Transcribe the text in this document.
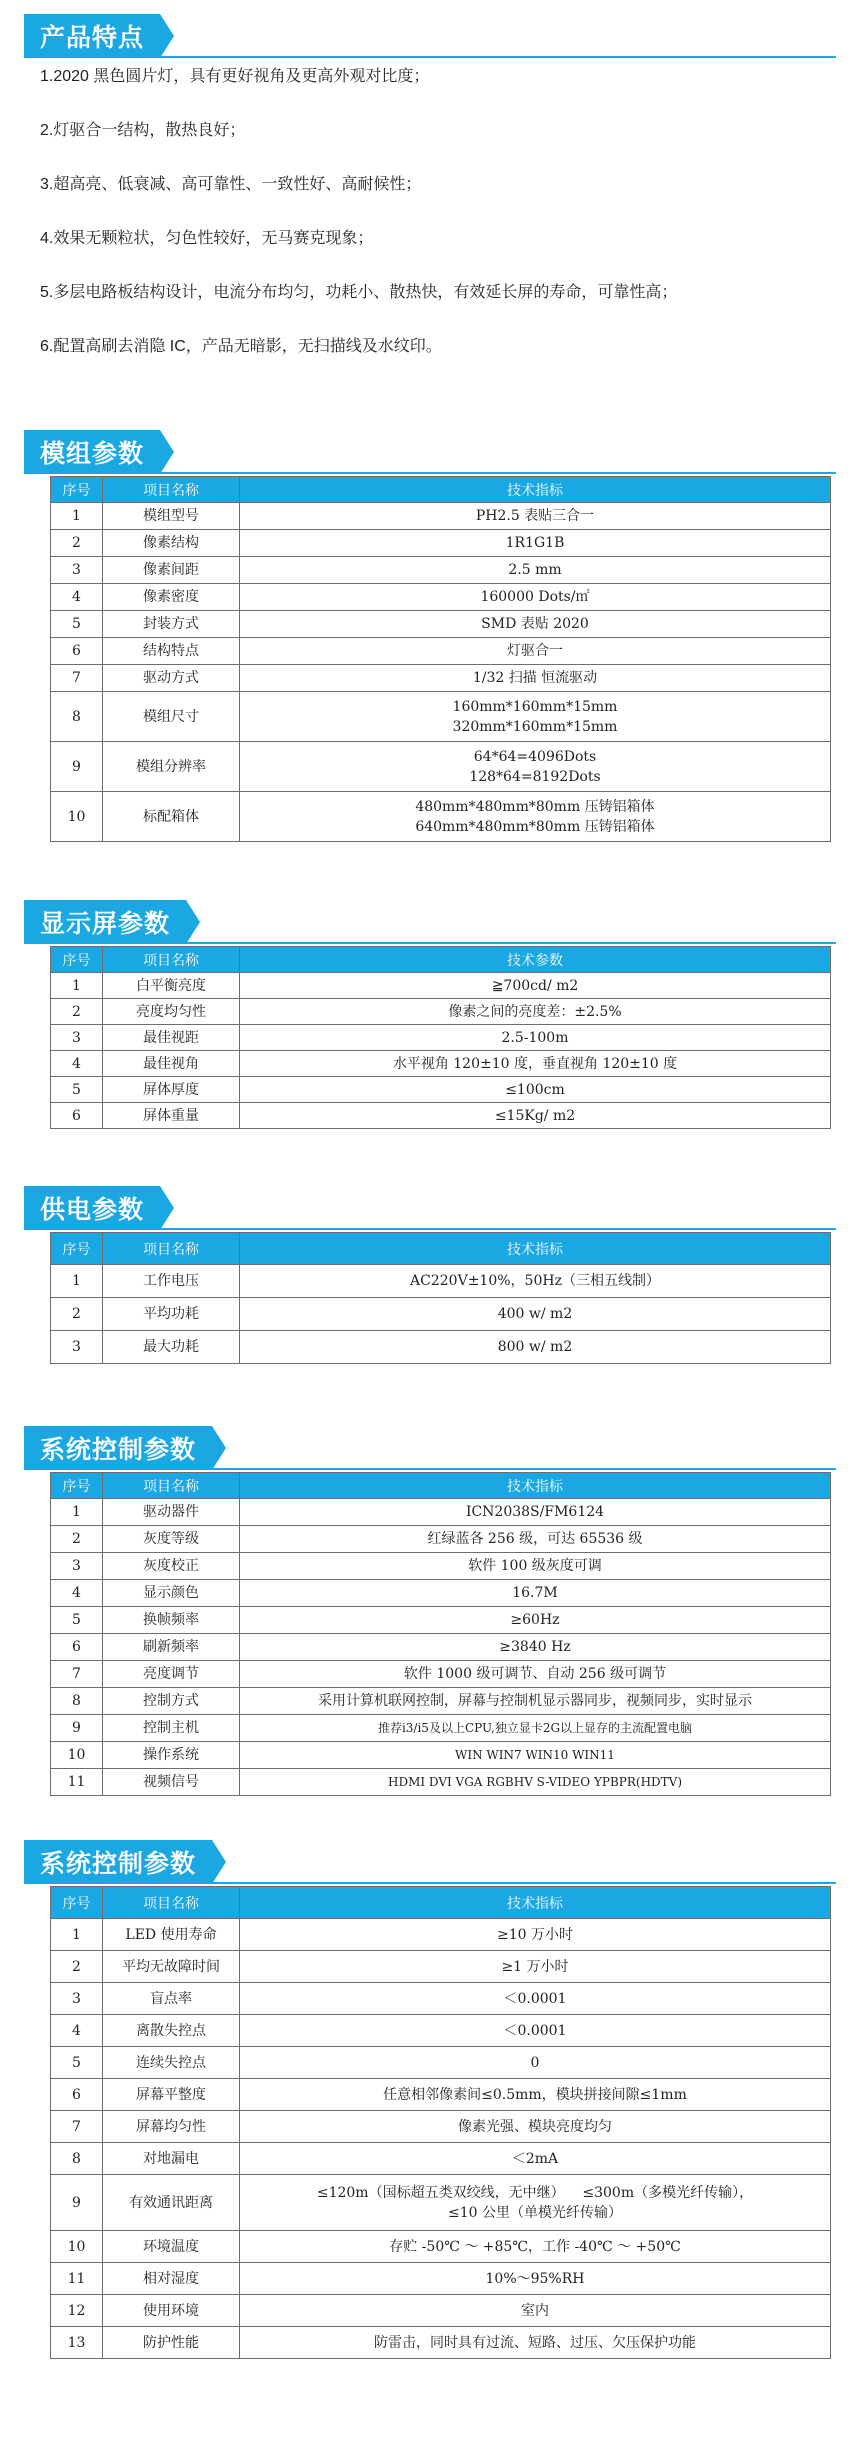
产品特点

1.2020 黑色圆片灯，具有更好视角及更高外观对比度；

2.灯驱合一结构，散热良好；

3.超高亮、低衰减、高可靠性、一致性好、高耐候性；

4.效果无颗粒状，匀色性较好，无马赛克现象；

5.多层电路板结构设计，电流分布均匀，功耗小、散热快，有效延长屏的寿命，可靠性高；

6.配置高刷去消隐 IC，产品无暗影，无扫描线及水纹印。

模组参数
序号	项目名称	技术指标
1	模组型号	PH2.5 表贴三合一
2	像素结构	1R1G1B
3	像素间距	2.5 mm
4	像素密度	160000 Dots/㎡
5	封装方式	SMD 表贴 2020
6	结构特点	灯驱合一
7	驱动方式	1/32 扫描 恒流驱动
8	模组尺寸	160mm*160mm*15mm
320mm*160mm*15mm

9	模组分辨率	64*64=4096Dots
128*64=8192Dots

10	标配箱体	480mm*480mm*80mm 压铸铝箱体
640mm*480mm*80mm 压铸铝箱体
显示屏参数
序号	项目名称	技术参数
1	白平衡亮度	≧700cd/ m2
2	亮度均匀性	像素之间的亮度差：±2.5%
3	最佳视距	2.5-100m
4	最佳视角	水平视角 120±10 度，垂直视角 120±10 度
5	屏体厚度	≤100cm
6	屏体重量	≤15Kg/ m2
供电参数
序号	项目名称	技术指标
1	工作电压	AC220V±10%，50Hz（三相五线制）
2	平均功耗	400 w/ m2
3	最大功耗	800 w/ m2
系统控制参数
序号	项目名称	技术指标
1	驱动器件	ICN2038S/FM6124
2	灰度等级	红绿蓝各 256 级，可达 65536 级
3	灰度校正	软件 100 级灰度可调
4	显示颜色	16.7M
5	换帧频率	≥60Hz
6	刷新频率	≥3840 Hz
7	亮度调节	软件 1000 级可调节、自动 256 级可调节
8	控制方式	采用计算机联网控制，屏幕与控制机显示器同步，视频同步，实时显示
9	控制主机	推荐i3/i5及以上CPU,独立显卡2G以上显存的主流配置电脑
10	操作系统	WIN WIN7 WIN10 WIN11
11	视频信号	HDMI DVI VGA RGBHV S-VIDEO YPBPR(HDTV)
系统控制参数
序号	项目名称	技术指标
1	LED 使用寿命	≥10 万小时
2	平均无故障时间	≥1 万小时
3	盲点率	＜0.0001
4	离散失控点	＜0.0001
5	连续失控点	0
6	屏幕平整度	任意相邻像素间≤0.5mm，模块拼接间隙≤1mm
7	屏幕均匀性	像素光强、模块亮度均匀
8	对地漏电	＜2mA
9	有效通讯距离	≤120m（国标超五类双绞线，无中继）    ≤300m（多模光纤传输），
≤10 公里（单模光纤传输）

10	环境温度	存贮 -50℃ ～ +85℃，工作 -40℃ ～ +50℃
11	相对湿度	10%～95%RH
12	使用环境	室内
13	防护性能	防雷击，同时具有过流、短路、过压、欠压保护功能
